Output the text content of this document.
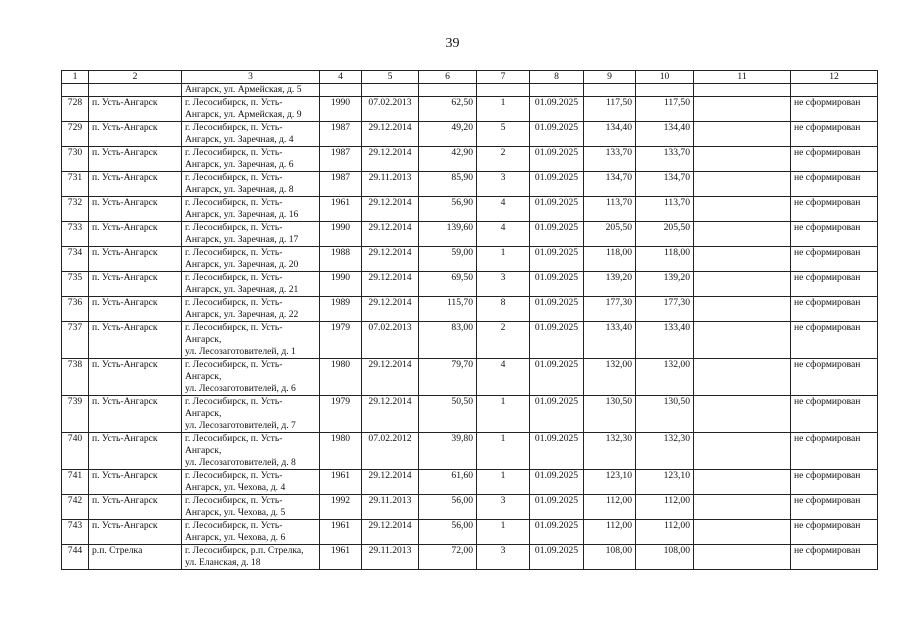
39
1	2	3	4	5	6	7	8	9	10	11	12
		Ангарск, ул. Армейская, д. 5									
728	п. Усть-Ангарск	г. Лесосибирск, п. Усть-
Ангарск, ул. Армейская, д. 9	1990	07.02.2013	62,50	1	01.09.2025	117,50	117,50		не сформирован
729	п. Усть-Ангарск	г. Лесосибирск, п. Усть-
Ангарск, ул. Заречная, д. 4	1987	29.12.2014	49,20	5	01.09.2025	134,40	134,40		не сформирован
730	п. Усть-Ангарск	г. Лесосибирск, п. Усть-
Ангарск, ул. Заречная, д. 6	1987	29.12.2014	42,90	2	01.09.2025	133,70	133,70		не сформирован
731	п. Усть-Ангарск	г. Лесосибирск, п. Усть-
Ангарск, ул. Заречная, д. 8	1987	29.11.2013	85,90	3	01.09.2025	134,70	134,70		не сформирован
732	п. Усть-Ангарск	г. Лесосибирск, п. Усть-
Ангарск, ул. Заречная, д. 16	1961	29.12.2014	56,90	4	01.09.2025	113,70	113,70		не сформирован
733	п. Усть-Ангарск	г. Лесосибирск, п. Усть-
Ангарск, ул. Заречная, д. 17	1990	29.12.2014	139,60	4	01.09.2025	205,50	205,50		не сформирован
734	п. Усть-Ангарск	г. Лесосибирск, п. Усть-
Ангарск, ул. Заречная, д. 20	1988	29.12.2014	59,00	1	01.09.2025	118,00	118,00		не сформирован
735	п. Усть-Ангарск	г. Лесосибирск, п. Усть-
Ангарск, ул. Заречная, д. 21	1990	29.12.2014	69,50	3	01.09.2025	139,20	139,20		не сформирован
736	п. Усть-Ангарск	г. Лесосибирск, п. Усть-
Ангарск, ул. Заречная, д. 22	1989	29.12.2014	115,70	8	01.09.2025	177,30	177,30		не сформирован
737	п. Усть-Ангарск	г. Лесосибирск, п. Усть-
Ангарск,
ул. Лесозаготовителей, д. 1	1979	07.02.2013	83,00	2	01.09.2025	133,40	133,40		не сформирован
738	п. Усть-Ангарск	г. Лесосибирск, п. Усть-
Ангарск,
ул. Лесозаготовителей, д. 6	1980	29.12.2014	79,70	4	01.09.2025	132,00	132,00		не сформирован
739	п. Усть-Ангарск	г. Лесосибирск, п. Усть-
Ангарск,
ул. Лесозаготовителей, д. 7	1979	29.12.2014	50,50	1	01.09.2025	130,50	130,50		не сформирован
740	п. Усть-Ангарск	г. Лесосибирск, п. Усть-
Ангарск,
ул. Лесозаготовителей, д. 8	1980	07.02.2012	39,80	1	01.09.2025	132,30	132,30		не сформирован
741	п. Усть-Ангарск	г. Лесосибирск, п. Усть-
Ангарск, ул. Чехова, д. 4	1961	29.12.2014	61,60	1	01.09.2025	123,10	123,10		не сформирован
742	п. Усть-Ангарск	г. Лесосибирск, п. Усть-
Ангарск, ул. Чехова, д. 5	1992	29.11.2013	56,00	3	01.09.2025	112,00	112,00		не сформирован
743	п. Усть-Ангарск	г. Лесосибирск, п. Усть-
Ангарск, ул. Чехова, д. 6	1961	29.12.2014	56,00	1	01.09.2025	112,00	112,00		не сформирован
744	р.п. Стрелка	г. Лесосибирск, р.п. Стрелка,
ул. Еланская, д. 18	1961	29.11.2013	72,00	3	01.09.2025	108,00	108,00		не сформирован
